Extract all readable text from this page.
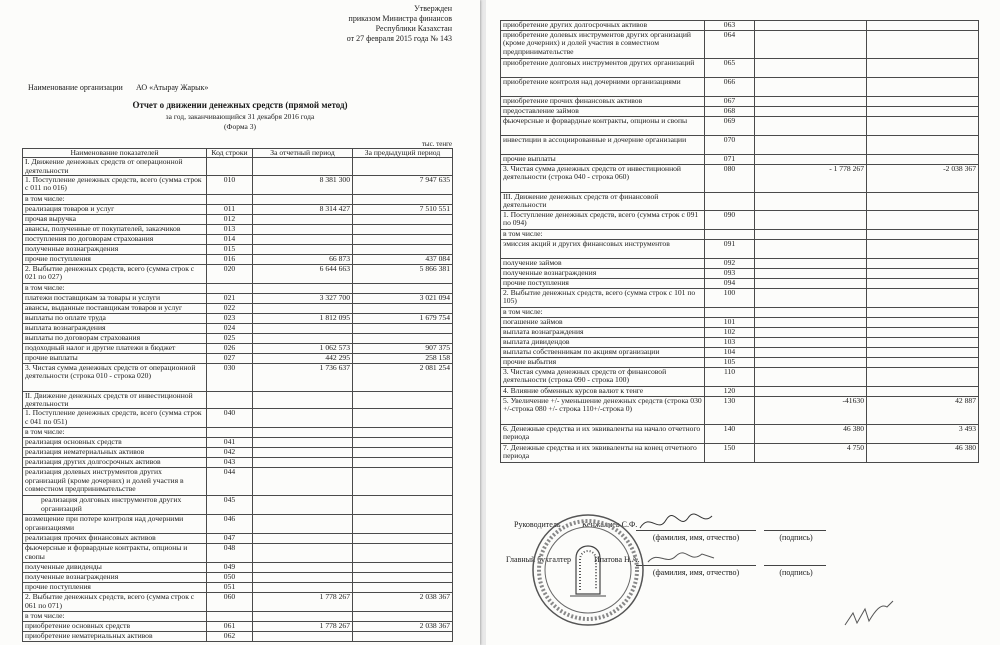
Утвержден
приказом Министра финансов
Республики Казахстан
от 27 февраля 2015 года № 143
Наименование организации АО «Атырау Жарык»
Отчет о движении денежных средств (прямой метод)
за год, заканчивающийся 31 декабря 2016 года
(Форма 3)
тыс. тенге
Наименование показателей	Код строки	За отчетный период	За предыдущий период
I. Движение денежных средств от операционной деятельности			
1. Поступление денежных средств, всего (сумма строк с 011 по 016)	010	8 381 300	7 947 635
в том числе:			
реализация товаров и услуг	011	8 314 427	7 510 551
прочая выручка	012		
авансы, полученные от покупателей, заказчиков	013		
поступления по договорам страхования	014		
полученные вознаграждения	015		
прочие поступления	016	66 873	437 084
2. Выбытие денежных средств, всего (сумма строк с 021 по 027)	020	6 644 663	5 866 381
в том числе:			
платежи поставщикам за товары и услуги	021	3 327 700	3 021 094
авансы, выданные поставщикам товаров и услуг	022		
выплаты по оплате труда	023	1 812 095	1 679 754
выплата вознаграждения	024		
выплаты по договорам страхования	025		
подоходный налог и другие платежи в бюджет	026	1 062 573	907 375
прочие выплаты	027	442 295	258 158
3. Чистая сумма денежных средств от операционной деятельности (строка 010 - строка 020)	030	1 736 637	2 081 254
II. Движение денежных средств от инвестиционной деятельности			
1. Поступление денежных средств, всего (сумма строк с 041 по 051)	040		
в том числе:			
реализация основных средств	041		
реализация нематериальных активов	042		
реализация других долгосрочных активов	043		
реализация долевых инструментов других организаций (кроме дочерних) и долей участия в совместном предпринимательстве	044		
реализация долговых инструментов других организаций	045		
возмещение при потере контроля над дочерними организациями	046		
реализация прочих финансовых активов	047		
фьючерсные и форвардные контракты, опционы и свопы	048		
полученные дивиденды	049		
полученные вознаграждения	050		
прочие поступления	051		
2. Выбытие денежных средств, всего (сумма строк с 061 по 071)	060	1 778 267	2 038 367
в том числе:			
приобретение основных средств	061	1 778 267	2 038 367
приобретение нематериальных активов	062		
приобретение других долгосрочных активов	063		
приобретение долевых инструментов других организаций (кроме дочерних) и долей участия в совместном предпринимательстве	064		
приобретение долговых инструментов других организаций	065		
приобретение контроля над дочерними организациями	066		
приобретение прочих финансовых активов	067		
предоставление займов	068		
фьючерсные и форвардные контракты, опционы и свопы	069		
инвестиции в ассоциированные и дочерние организации	070		
прочие выплаты	071		
3. Чистая сумма денежных средств от инвестиционной деятельности (строка 040 - строка 060)	080	- 1 778 267	-2 038 367
III. Движение денежных средств от финансовой деятельности			
1. Поступление денежных средств, всего (сумма строк с 091 по 094)	090		
в том числе:			
эмиссия акций и других финансовых инструментов	091		
получение займов	092		
полученные вознаграждения	093		
прочие поступления	094		
2. Выбытие денежных средств, всего (сумма строк с 101 по 105)	100		
в том числе:			
погашение займов	101		
выплата вознаграждения	102		
выплата дивидендов	103		
выплаты собственникам по акциям организации	104		
прочие выбытия	105		
3. Чистая сумма денежных средств от финансовой деятельности (строка 090 - строка 100)	110		
4. Влияние обменных курсов валют к тенге	120		
5. Увеличение +/- уменьшение денежных средств (строка 030 +/-строка 080 +/- строка 110+/-строка 0)	130	-41630	42 887
6. Денежные средства и их эквиваленты на начало отчетного периода	140	46 380	3 493
7. Денежные средства и их эквиваленты на конец отчетного периода	150	4 750	46 380
Руководитель	Кенжалиев С.Ф.
(фамилия, имя, отчество)	(подпись)
Главный бухгалтер	Ипатова Н.А.
(фамилия, имя, отчество)	(подпись)
